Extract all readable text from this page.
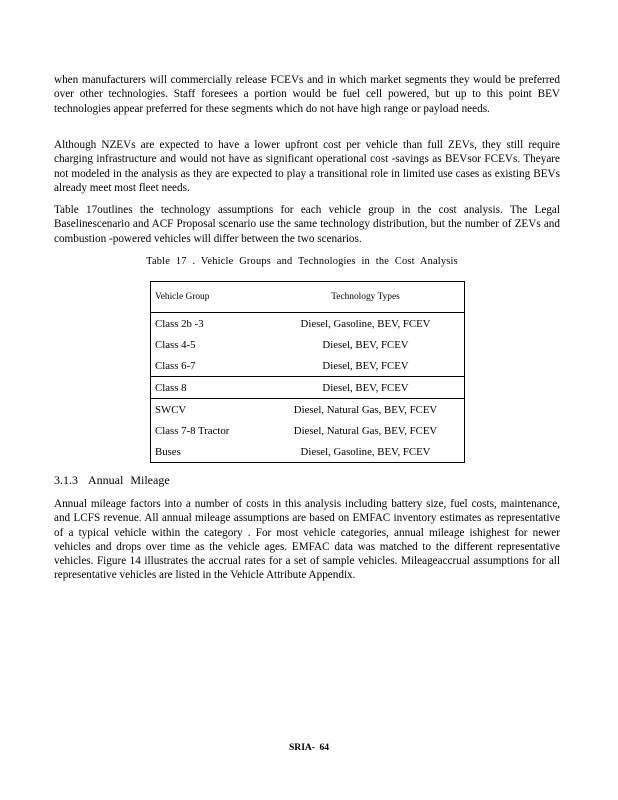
when manufacturers will commercially release FCEVs and in which market segments they would be preferred over other technologies. Staff foresees a portion would be fuel cell powered, but up to this point BEV technologies appear preferred for these segments which do not have high range or payload needs.

Although NZEVs are expected to have a lower upfront cost per vehicle than full ZEVs, they still require charging infrastructure and would not have as significant operational cost -savings as BEVsor FCEVs. Theyare not modeled in the analysis as they are expected to play a transitional role in limited use cases as existing BEVs already meet most fleet needs.

Table 17outlines the technology assumptions for each vehicle group in the cost analysis. The Legal Baselinescenario and ACF Proposal scenario use the same technology distribution, but the number of ZEVs and combustion -powered vehicles will differ between the two scenarios.

Table 17 . Vehicle Groups and Technologies in the Cost Analysis
Vehicle Group	Technology Types
Class 2b -3	Diesel, Gasoline, BEV, FCEV
Class 4-5	Diesel, BEV, FCEV
Class 6-7	Diesel, BEV, FCEV
Class 8	Diesel, BEV, FCEV
SWCV	Diesel, Natural Gas, BEV, FCEV
Class 7-8 Tractor	Diesel, Natural Gas, BEV, FCEV
Buses	Diesel, Gasoline, BEV, FCEV
3.1.3 Annual Mileage

Annual mileage factors into a number of costs in this analysis including battery size, fuel costs, maintenance, and LCFS revenue. All annual mileage assumptions are based on EMFAC inventory estimates as representative of a typical vehicle within the category . For most vehicle categories, annual mileage ishighest for newer vehicles and drops over time as the vehicle ages. EMFAC data was matched to the different representative vehicles. Figure 14 illustrates the accrual rates for a set of sample vehicles. Mileageaccrual assumptions for all representative vehicles are listed in the Vehicle Attribute Appendix.

SRIA- 64
